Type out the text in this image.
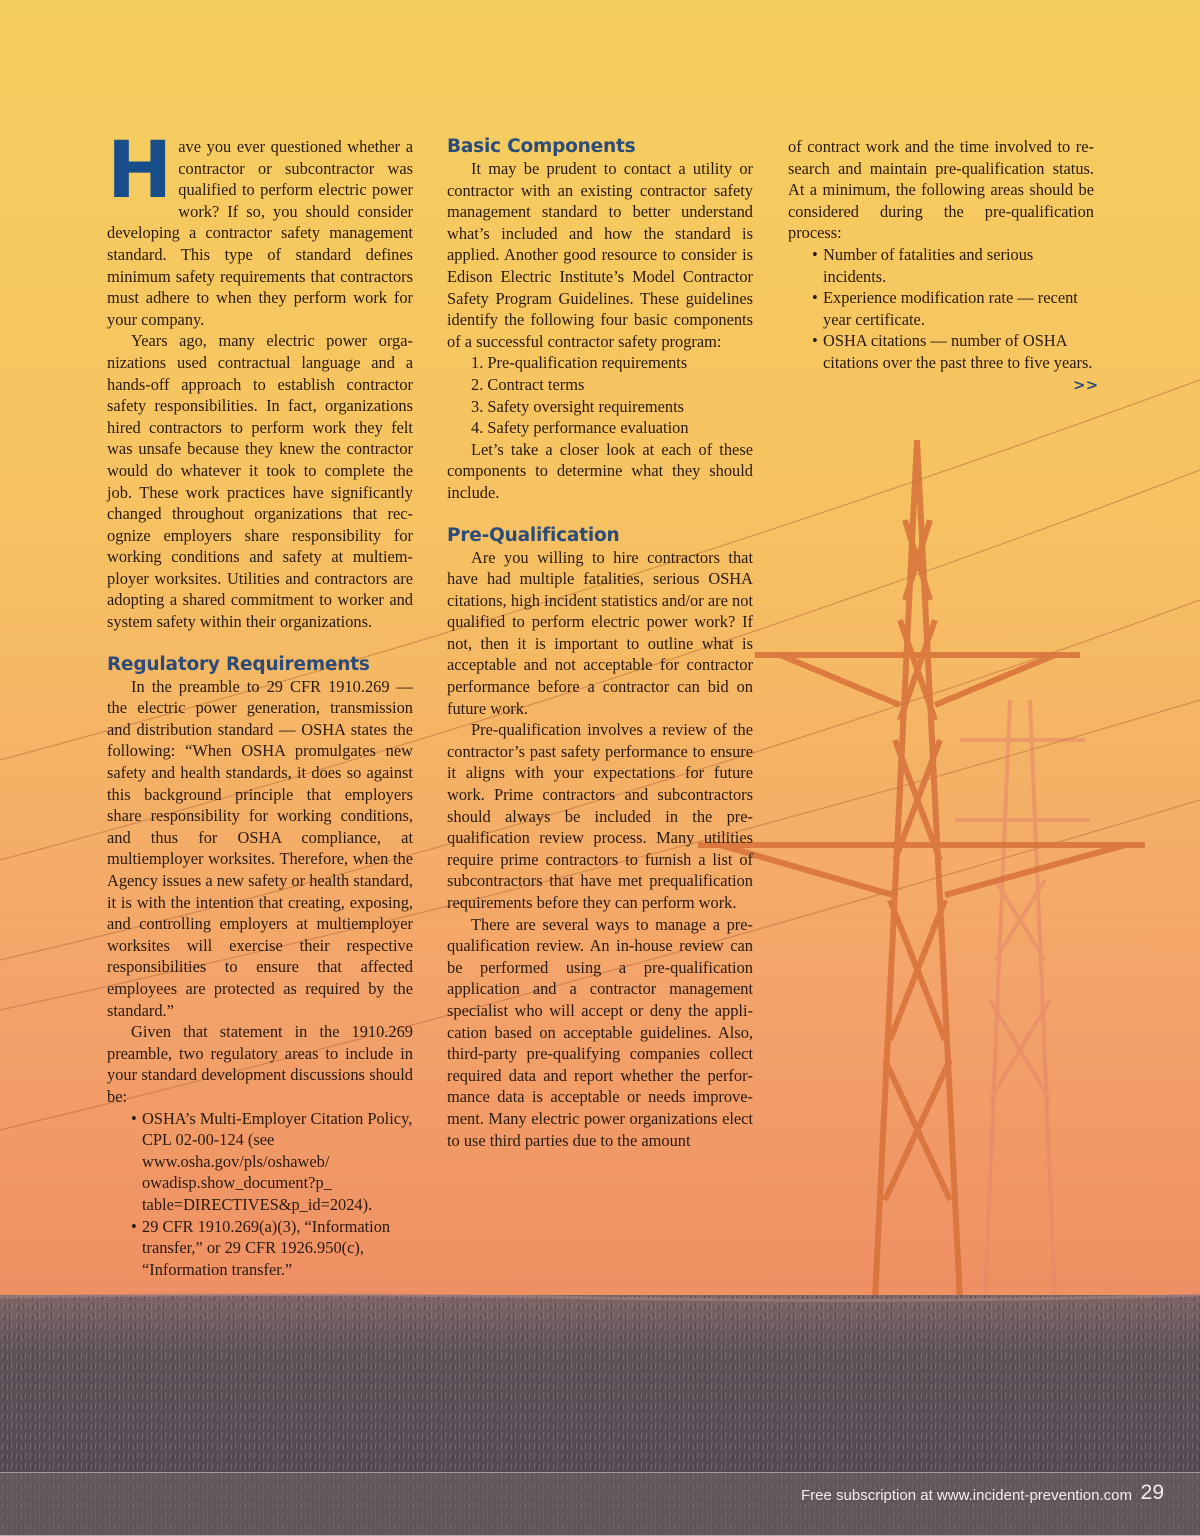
Have you ever questioned whether a contractor or subcontractor was qualified to perform electric power work? If so, you should consider developing a contractor safety management standard. This type of standard defines minimum safety requirements that contractors must adhere to when they perform work for your company.

Years ago, many electric power organizations used contractual language and a hands-off approach to establish contractor safety responsibilities. In fact, organizations hired contractors to perform work they felt was unsafe because they knew the contractor would do whatever it took to complete the job. These work practices have significantly changed throughout organizations that recognize employers share responsibility for working conditions and safety at multiemployer worksites. Utilities and contractors are adopting a shared commitment to worker and system safety within their organizations.

Regulatory Requirements

In the preamble to 29 CFR 1910.269 — the electric power generation, transmission and distribution standard — OSHA states the following: “When OSHA promulgates new safety and health standards, it does so against this background principle that employers share responsibility for working conditions, and thus for OSHA compliance, at multiemployer worksites. Therefore, when the Agency issues a new safety or health standard, it is with the intention that creating, exposing, and controlling employers at multiemployer worksites will exercise their respective responsibilities to ensure that affected employees are protected as required by the standard.”

Given that statement in the 1910.269 preamble, two regulatory areas to include in your standard development discussions should be:

• OSHA’s Multi-Employer Citation Policy, CPL 02-00-124 (see www.osha.gov/pls/oshaweb/ owadisp.show_document?p_ table=DIRECTIVES&p_id=2024).
• 29 CFR 1910.269(a)(3), “Information transfer,” or 29 CFR 1926.950(c), “Information transfer.”
Basic Components

It may be prudent to contact a utility or contractor with an existing contractor safety management standard to better understand what’s included and how the standard is applied. Another good resource to consider is Edison Electric Institute’s Model Contractor Safety Program Guidelines. These guidelines identify the following four basic components of a successful contractor safety program:

1. Pre-qualification requirements
2. Contract terms
3. Safety oversight requirements
4. Safety performance evaluation

Let’s take a closer look at each of these components to determine what they should include.

Pre-Qualification

Are you willing to hire contractors that have had multiple fatalities, serious OSHA citations, high incident statistics and/or are not qualified to perform electric power work? If not, then it is important to outline what is acceptable and not acceptable for contractor performance before a contractor can bid on future work.

Pre-qualification involves a review of the contractor’s past safety performance to ensure it aligns with your expectations for future work. Prime contractors and subcontractors should always be included in the pre-qualification review process. Many utilities require prime contractors to furnish a list of subcontractors that have met prequalification requirements before they can perform work.

There are several ways to manage a prequalification review. An in-house review can be performed using a pre-qualification application and a contractor management specialist who will accept or deny the application based on acceptable guidelines. Also, third-party pre-qualifying companies collect required data and report whether the performance data is acceptable or needs improvement. Many electric power organizations elect to use third parties due to the amount

of contract work and the time involved to research and maintain pre-qualification status. At a minimum, the following areas should be considered during the pre-qualification process:

• Number of fatalities and serious incidents.
• Experience modification rate — recent year certificate.
• OSHA citations — number of OSHA citations over the past three to five years.
>>
Free subscription at www.incident-prevention.com 29
